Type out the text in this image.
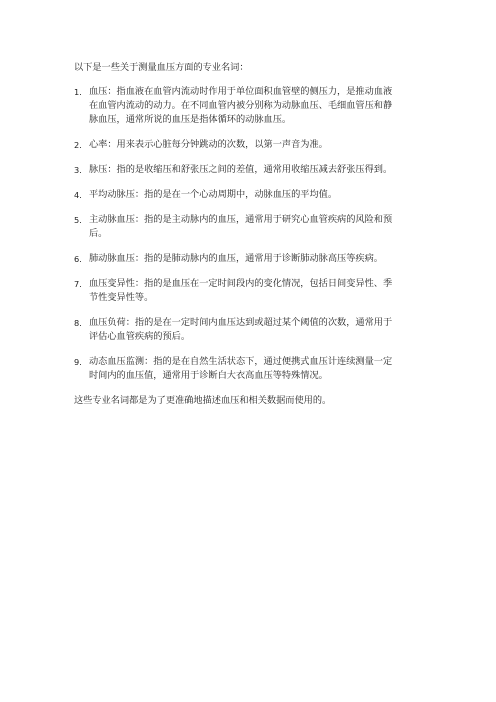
以下是一些关于测量血压方面的专业名词：

1. 血压：指血液在血管内流动时作用于单位面积血管壁的侧压力，是推动血液
在血管内流动的动力。在不同血管内被分别称为动脉血压、毛细血管压和静
脉血压，通常所说的血压是指体循环的动脉血压。
2. 心率：用来表示心脏每分钟跳动的次数，以第一声音为准。
3. 脉压：指的是收缩压和舒张压之间的差值，通常用收缩压减去舒张压得到。
4. 平均动脉压：指的是在一个心动周期中，动脉血压的平均值。
5. 主动脉血压：指的是主动脉内的血压，通常用于研究心血管疾病的风险和预
后。
6. 肺动脉血压：指的是肺动脉内的血压，通常用于诊断肺动脉高压等疾病。
7. 血压变异性：指的是血压在一定时间段内的变化情况，包括日间变异性、季
节性变异性等。
8. 血压负荷：指的是在一定时间内血压达到或超过某个阈值的次数，通常用于
评估心血管疾病的预后。
9. 动态血压监测：指的是在自然生活状态下，通过便携式血压计连续测量一定
时间内的血压值，通常用于诊断白大衣高血压等特殊情况。

这些专业名词都是为了更准确地描述血压和相关数据而使用的。
